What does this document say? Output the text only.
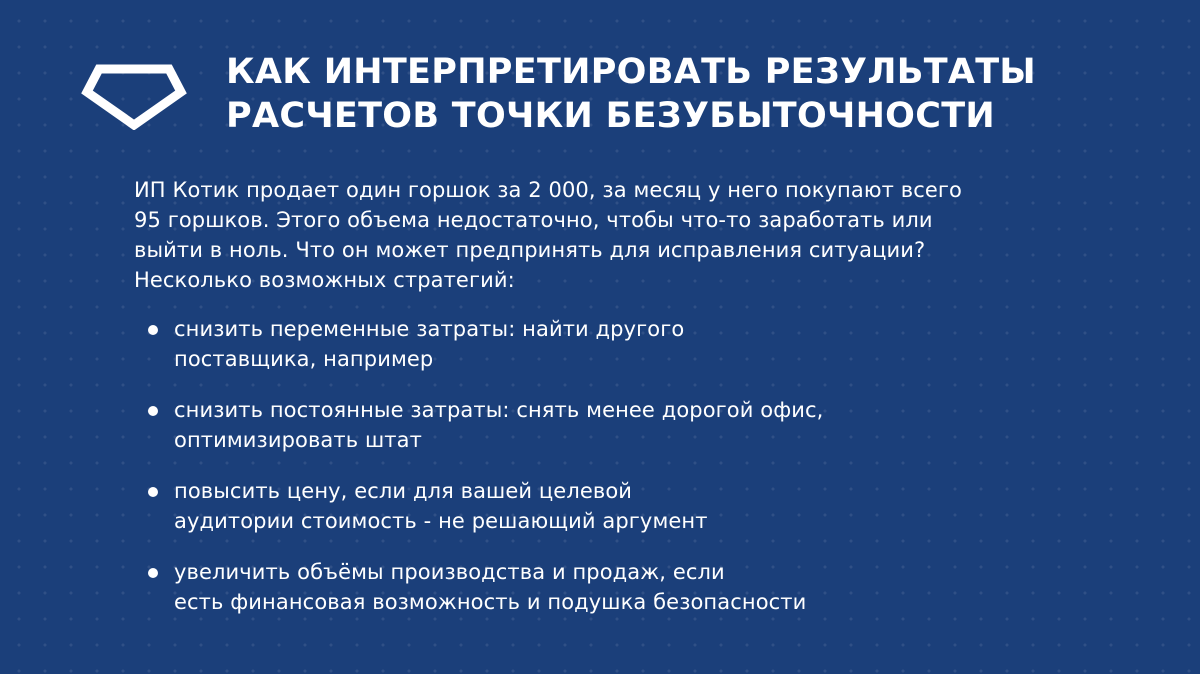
КАК ИНТЕРПРЕТИРОВАТЬ РЕЗУЛЬТАТЫ
РАСЧЕТОВ ТОЧКИ БЕЗУБЫТОЧНОСТИ

ИП Котик продает один горшок за 2 000, за месяц у него покупают всего
95 горшков. Этого объема недостаточно, чтобы что-то заработать или
выйти в ноль. Что он может предпринять для исправления ситуации?
Несколько возможных стратегий:

снизить переменные затраты: найти другого
поставщика, например
снизить постоянные затраты: снять менее дорогой офис,
оптимизировать штат
повысить цену, если для вашей целевой
аудитории стоимость - не решающий аргумент
увеличить объёмы производства и продаж, если
есть финансовая возможность и подушка безопасности
